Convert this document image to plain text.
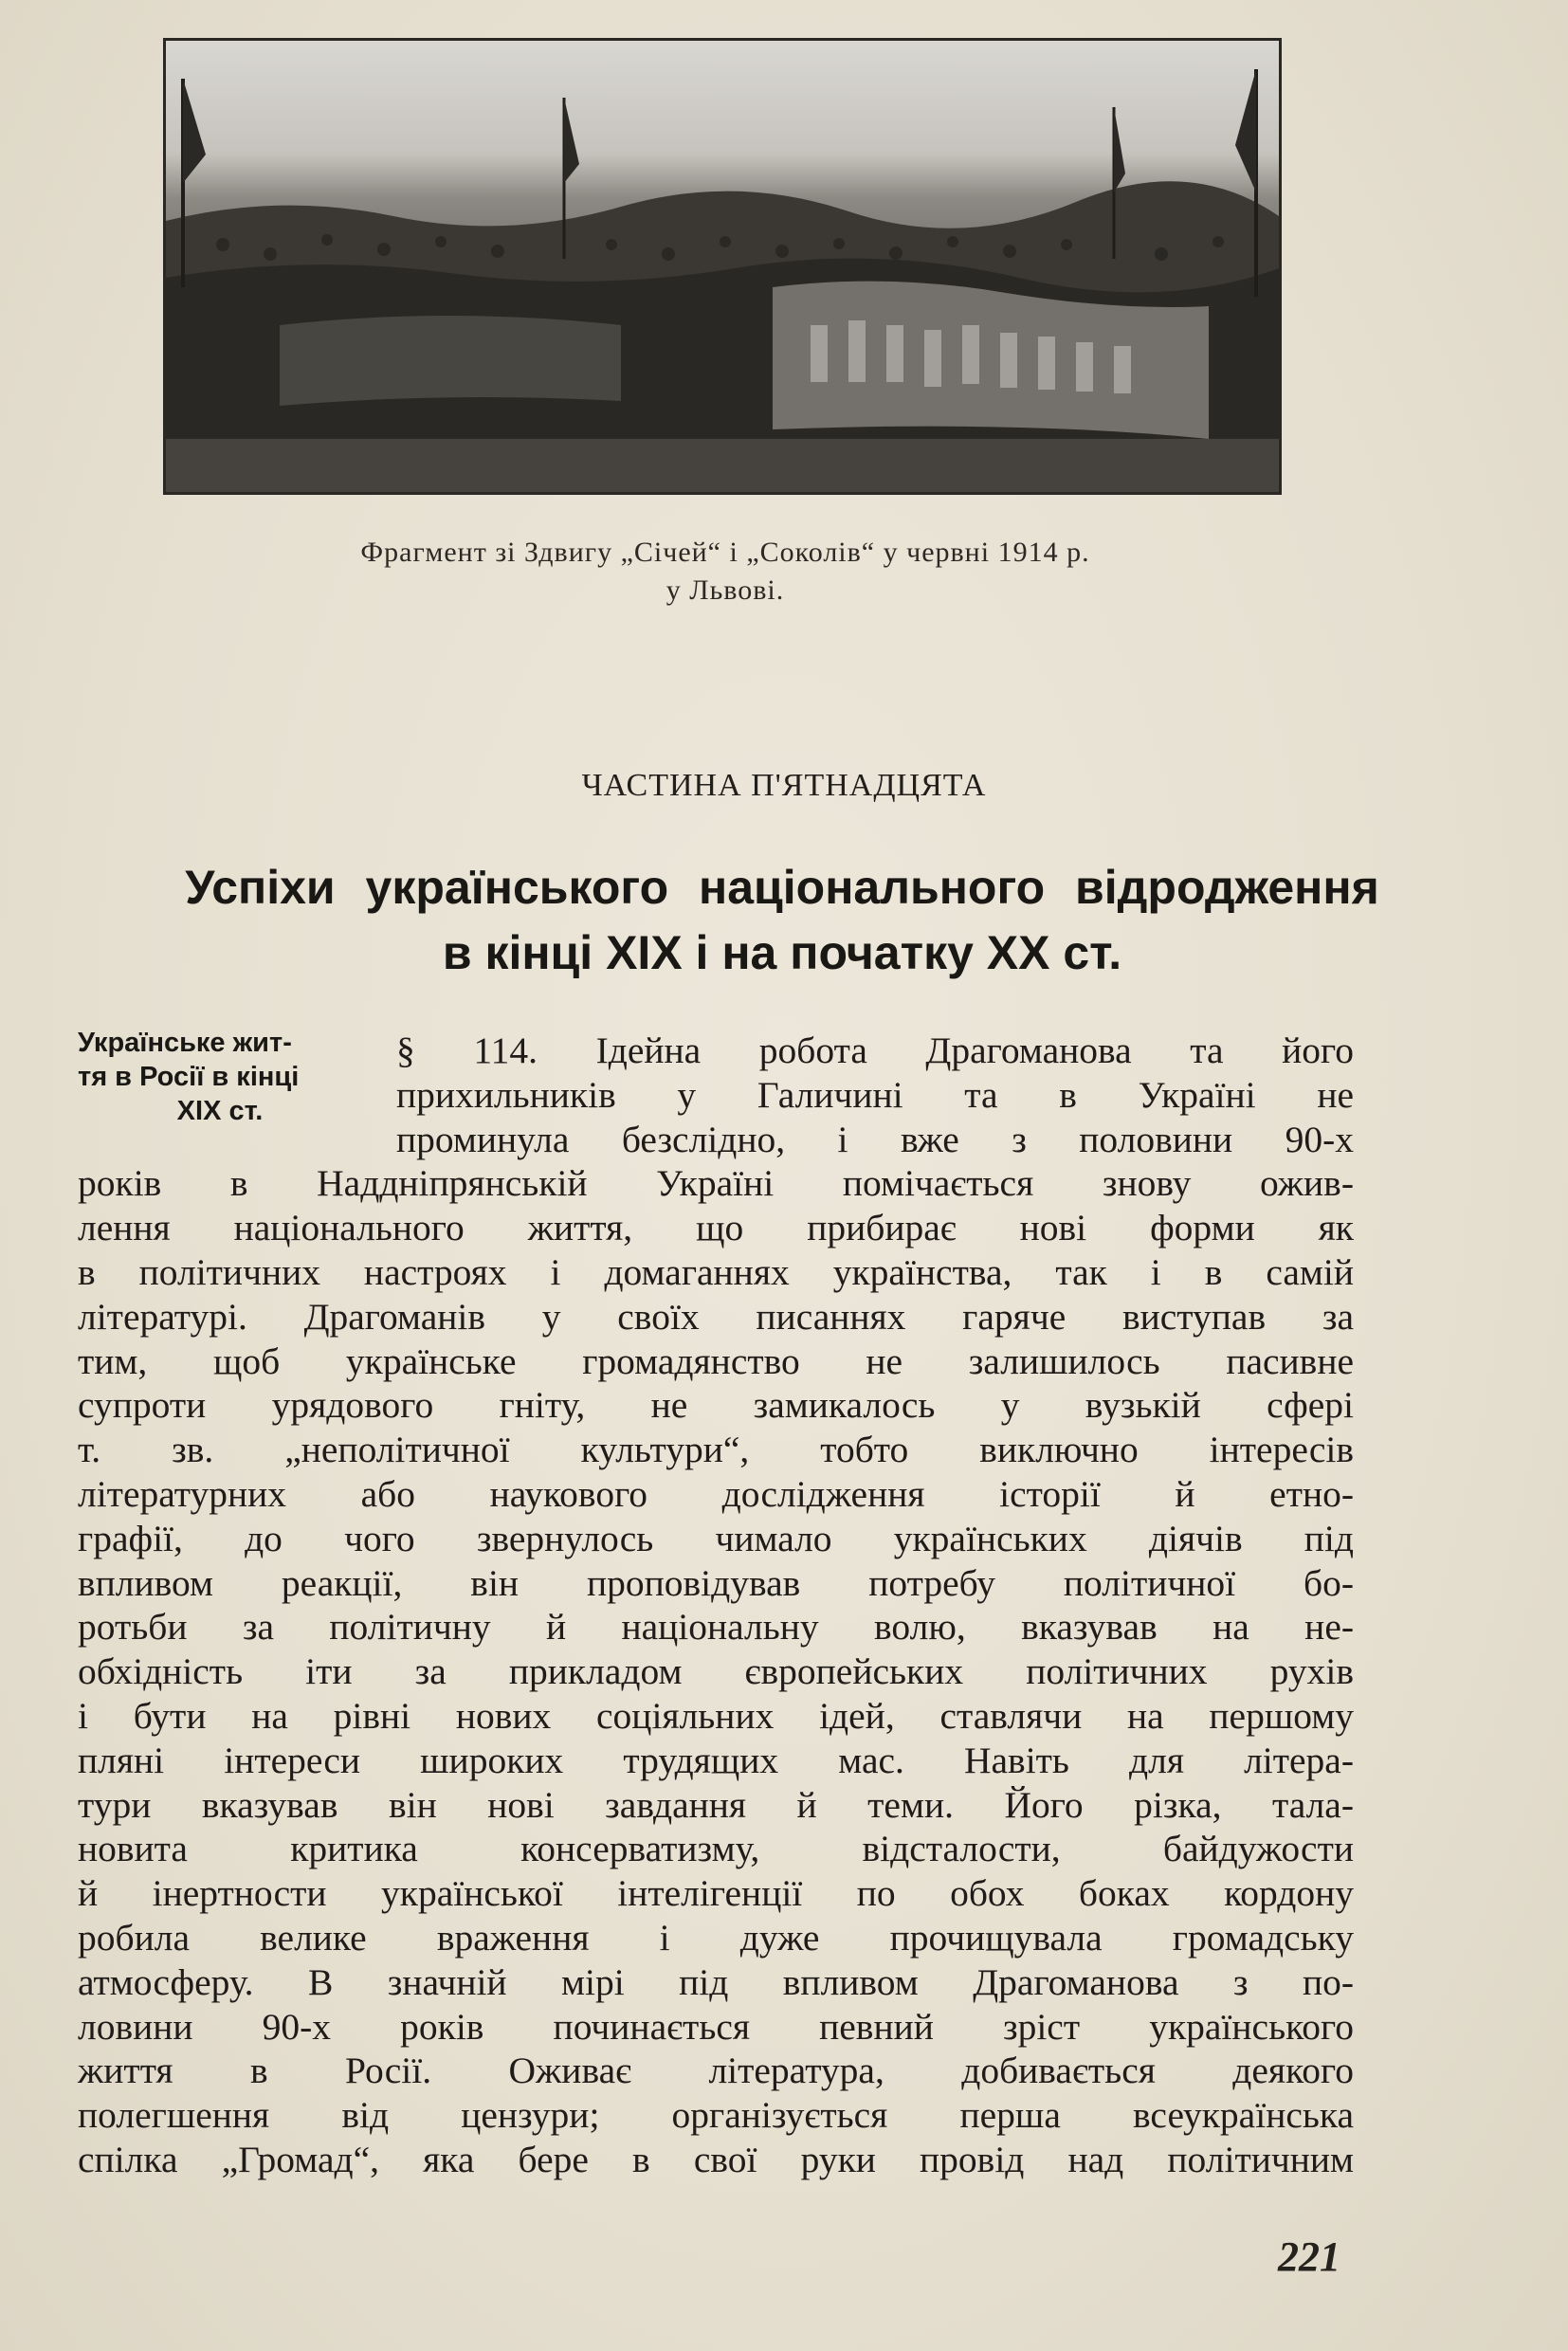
Фрагмент зі Здвигу „Січей“ і „Соколів“ у червні 1914 р.
у Львові.
ЧАСТИНА П'ЯТНАДЦЯТА
Успіхи українського національного відродження
в кінці XIX і на початку XX ст.
Українське жит-
тя в Росії в кінці
XIX ст.
§ 114. Ідейна робота Драгоманова та його
прихильників у Галичині та в Україні не
проминула безслідно, і вже з половини 90-х
років в Наддніпрянській Україні помічається знову ожив-
лення національного життя, що прибирає нові форми як
в політичних настроях і домаганнях українства, так і в самій
літературі. Драгоманів у своїх писаннях гаряче виступав за
тим, щоб українське громадянство не залишилось пасивне
супроти урядового гніту, не замикалось у вузькій сфері
т. зв. „неполітичної культури“, тобто виключно інтересів
літературних або наукового дослідження історії й етно-
графії, до чого звернулось чимало українських діячів під
впливом реакції, він проповідував потребу політичної бо-
ротьби за політичну й національну волю, вказував на не-
обхідність іти за прикладом європейських політичних рухів
і бути на рівні нових соціяльних ідей, ставлячи на першому
пляні інтереси широких трудящих мас. Навіть для літера-
тури вказував він нові завдання й теми. Його різка, тала-
новита критика консерватизму, відсталости, байдужости
й інертности української інтелігенції по обох боках кордону
робила велике враження і дуже прочищувала громадську
атмосферу. В значній мірі під впливом Драгоманова з по-
ловини 90-х років починається певний зріст українського
життя в Росії. Оживає література, добивається деякого
полегшення від цензури; організується перша всеукраїнська
спілка „Громад“, яка бере в свої руки провід над політичним
221
